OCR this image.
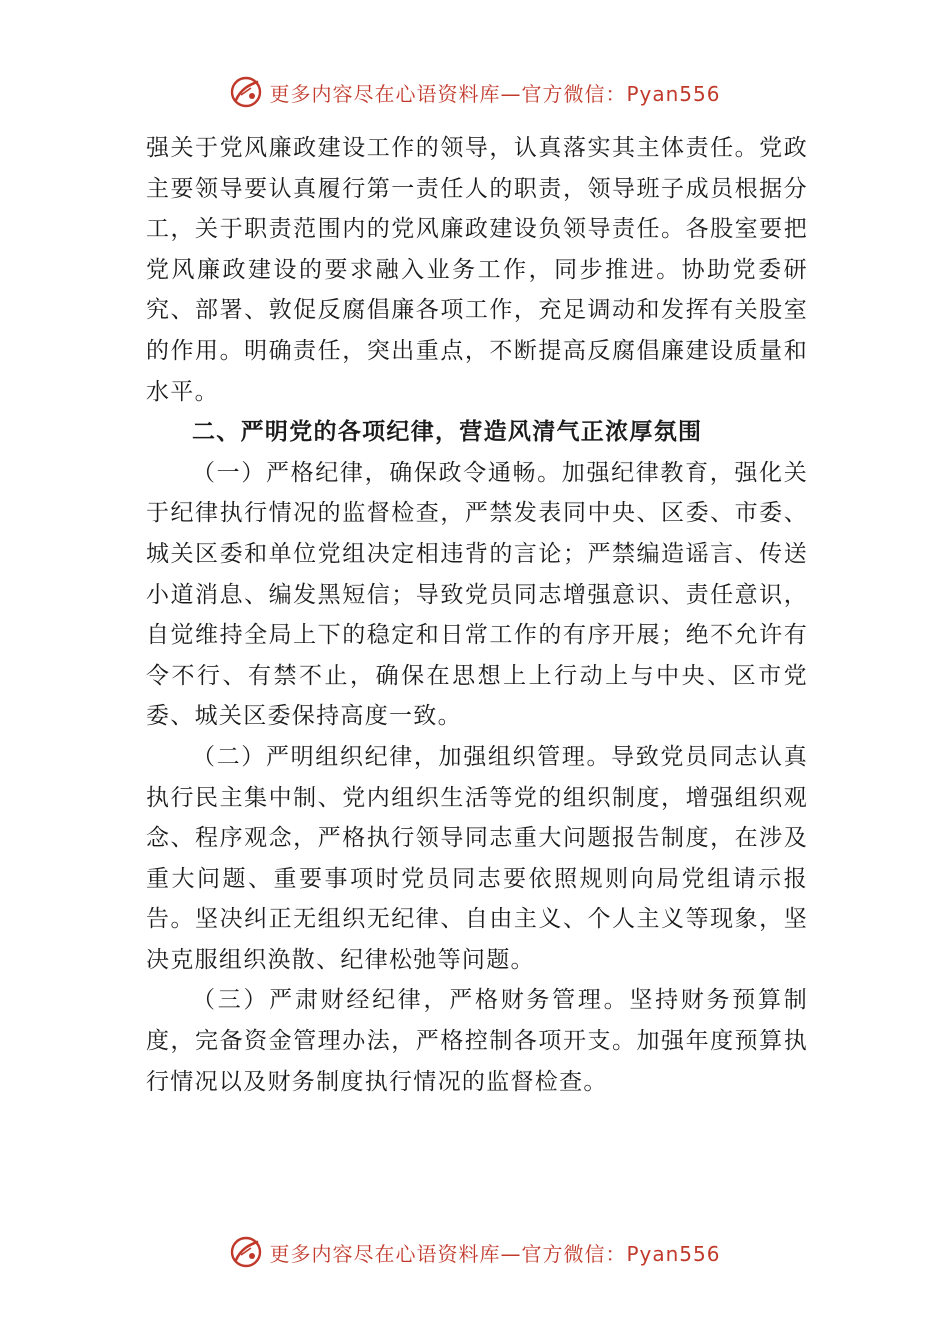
更多内容尽在心语资料库—官方微信：Pyan556

强关于党风廉政建设工作的领导，认真落实其主体责任。党政主要领导要认真履行第一责任人的职责，领导班子成员根据分工，关于职责范围内的党风廉政建设负领导责任。各股室要把党风廉政建设的要求融入业务工作，同步推进。协助党委研究、部署、敦促反腐倡廉各项工作，充足调动和发挥有关股室的作用。明确责任，突出重点，不断提高反腐倡廉建设质量和水平。

二、严明党的各项纪律，营造风清气正浓厚氛围

（一）严格纪律，确保政令通畅。加强纪律教育，强化关于纪律执行情况的监督检查，严禁发表同中央、区委、市委、城关区委和单位党组决定相违背的言论；严禁编造谣言、传送小道消息、编发黑短信；导致党员同志增强意识、责任意识，自觉维持全局上下的稳定和日常工作的有序开展；绝不允许有令不行、有禁不止，确保在思想上上行动上与中央、区市党委、城关区委保持高度一致。

（二）严明组织纪律，加强组织管理。导致党员同志认真执行民主集中制、党内组织生活等党的组织制度，增强组织观念、程序观念，严格执行领导同志重大问题报告制度，在涉及重大问题、重要事项时党员同志要依照规则向局党组请示报告。坚决纠正无组织无纪律、自由主义、个人主义等现象，坚决克服组织涣散、纪律松弛等问题。

（三）严肃财经纪律，严格财务管理。坚持财务预算制度，完备资金管理办法，严格控制各项开支。加强年度预算执行情况以及财务制度执行情况的监督检查。

更多内容尽在心语资料库—官方微信：Pyan556
